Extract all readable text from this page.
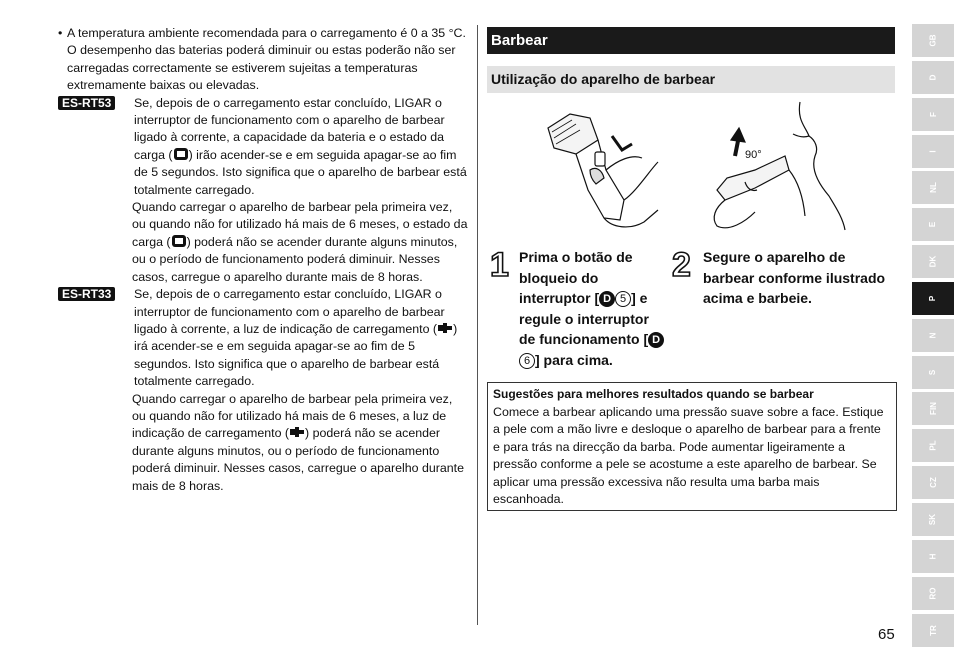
• A temperatura ambiente recomendada para o carregamento é 0 a 35 °C. O desempenho das baterias poderá diminuir ou estas poderão não ser carregadas correctamente se estiverem sujeitas a temperaturas extremamente baixas ou elevadas.
ES-RT53	Se, depois de o carregamento estar concluído, LIGAR o interruptor de funcionamento com o aparelho de barbear ligado à corrente, a capacidade da bateria e o estado da carga ( ) irão acender-se e em seguida apagar-se ao fim de 5 segundos. Isto significa que o aparelho de barbear está totalmente carregado.

Quando carregar o aparelho de barbear pela primeira vez, ou quando não for utilizado há mais de 6 meses, o estado da carga ( ) poderá não se acender durante alguns minutos, ou o período de funcionamento poderá diminuir. Nesses casos, carregue o aparelho durante mais de 8 horas.

ES-RT33	Se, depois de o carregamento estar concluído, LIGAR o interruptor de funcionamento com o aparelho de barbear ligado à corrente, a luz de indicação de carregamento ( ) irá acender-se e em seguida apagar-se ao fim de 5 segundos. Isto significa que o aparelho de barbear está totalmente carregado.

Quando carregar o aparelho de barbear pela primeira vez, ou quando não for utilizado há mais de 6 meses, a luz de indicação de carregamento ( ) poderá não se acender durante alguns minutos, ou o período de funcionamento poderá diminuir. Nesses casos, carregue o aparelho durante mais de 8 horas.

Barbear
Utilização do aparelho de barbear
90°
1 Prima o botão de bloqueio do interruptor [ D 5 ] e regule o interruptor de funcionamento [ D6 ] para cima.
2 Segure o aparelho de barbear conforme ilustrado acima e barbeie.
Sugestões para melhores resultados quando se barbear
Comece a barbear aplicando uma pressão suave sobre a face. Estique a pele com a mão livre e desloque o aparelho de barbear para a frente e para trás na direcção da barba. Pode aumentar ligeiramente a pressão conforme a pele se acostume a este aparelho de barbear. Se aplicar uma pressão excessiva não resulta uma barba mais escanhoada.
GB
D
F
I
NL
E
DK
P
N
S
FIN
PL
CZ
SK
H
RO
TR
65
